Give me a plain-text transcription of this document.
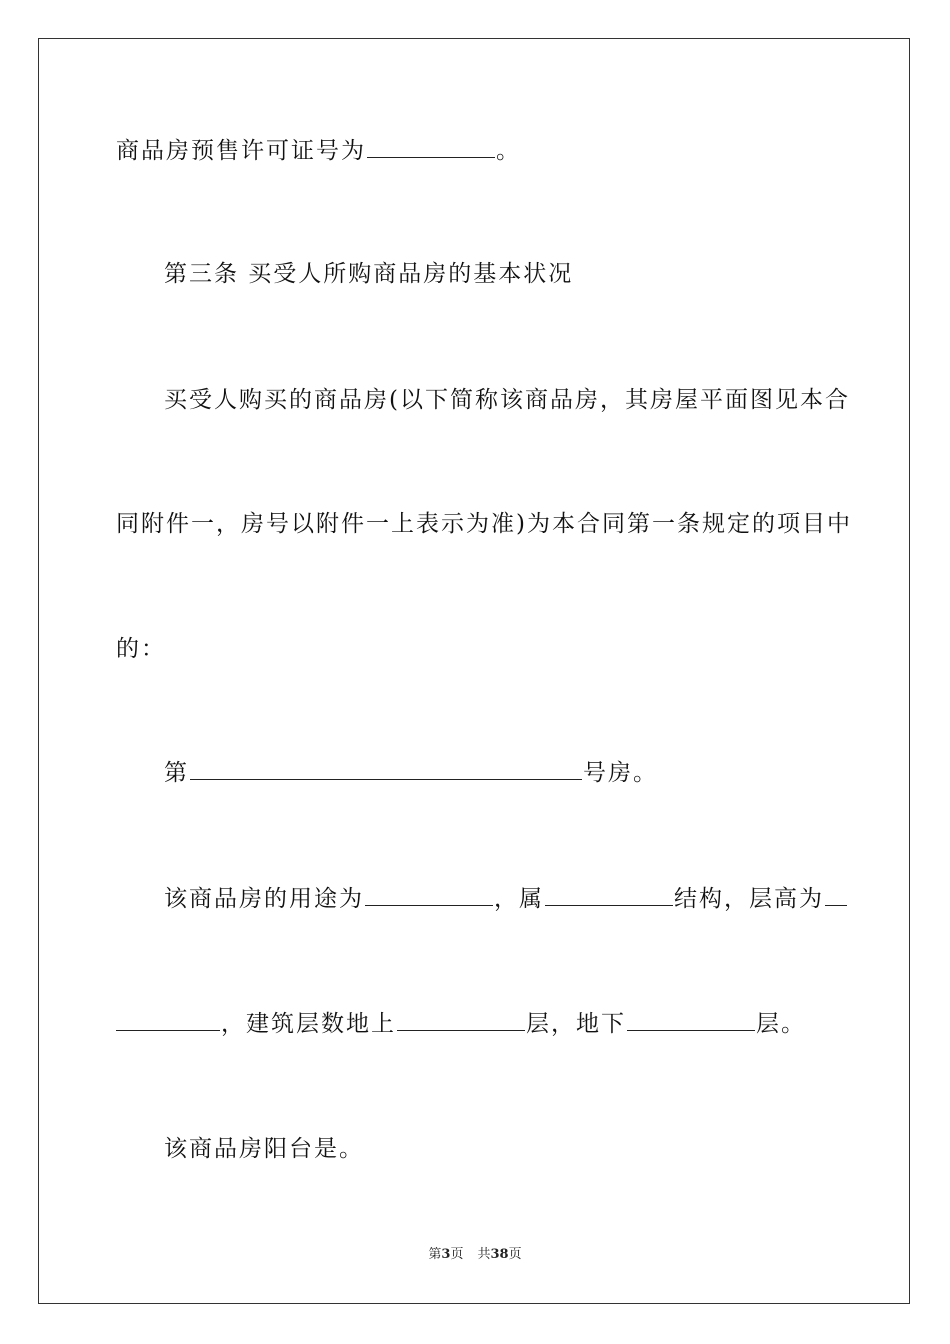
商品房预售许可证号为	。
第三条 买受人所购商品房的基本状况
买受人购买的商品房(以下简称该商品房，其房屋平面图见本合
同附件一，房号以附件一上表示为准)为本合同第一条规定的项目中
的：
第	号房。
该商品房的用途为	，属	结构，层高为
，建筑层数地上	层，地下	层。
该商品房阳台是。
第3页 共38页
